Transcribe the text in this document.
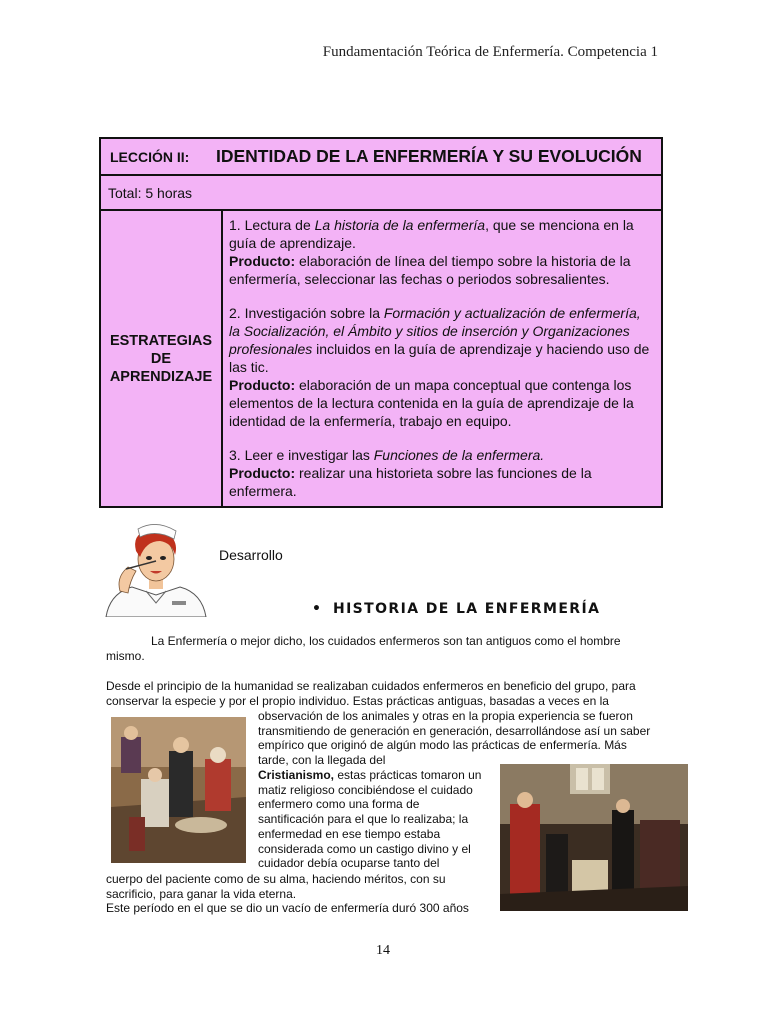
Fundamentación Teórica de Enfermería. Competencia 1
LECCIÓN II: IDENTIDAD DE LA ENFERMERÍA Y SU EVOLUCIÓN
Total: 5 horas

ESTRATEGIAS
DE
APRENDIZAJE

1. Lectura de La historia de la enfermería, que se menciona en la guía de aprendizaje.
Producto: elaboración de línea del tiempo sobre la historia de la enfermería, seleccionar las fechas o periodos sobresalientes.

2. Investigación sobre la Formación y actualización de enfermería, la Socialización, el Ámbito y sitios de inserción y Organizaciones profesionales incluidos en la guía de aprendizaje y haciendo uso de las tic.
Producto: elaboración de un mapa conceptual que contenga los elementos de la lectura contenida en la guía de aprendizaje de la identidad de la enfermería, trabajo en equipo.

3. Leer e investigar las Funciones de la enfermera.
Producto: realizar una historieta sobre las funciones de la enfermera.

Desarrollo
• HISTORIA DE LA ENFERMERÍA
La Enfermería o mejor dicho, los cuidados enfermeros son tan antiguos como el hombre mismo.
Desde el principio de la humanidad se realizaban cuidados enfermeros en beneficio del grupo, para conservar la especie y por el propio individuo. Estas prácticas antiguas, basadas a veces en la
observación de los animales y otras en la propia experiencia se fueron transmitiendo de generación en generación, desarrollándose así un saber empírico que originó de algún modo las prácticas de enfermería. Más tarde, con la llegada del
Cristianismo, estas prácticas tomaron un matiz religioso concibiéndose el cuidado enfermero como una forma de santificación para el que lo realizaba; la enfermedad en ese tiempo estaba considerada como un castigo divino y el cuidador debía ocuparse tanto del
cuerpo del paciente como de su alma, haciendo méritos, con su sacrificio, para ganar la vida eterna.
Este período en el que se dio un vacío de enfermería duró 300 años
14
